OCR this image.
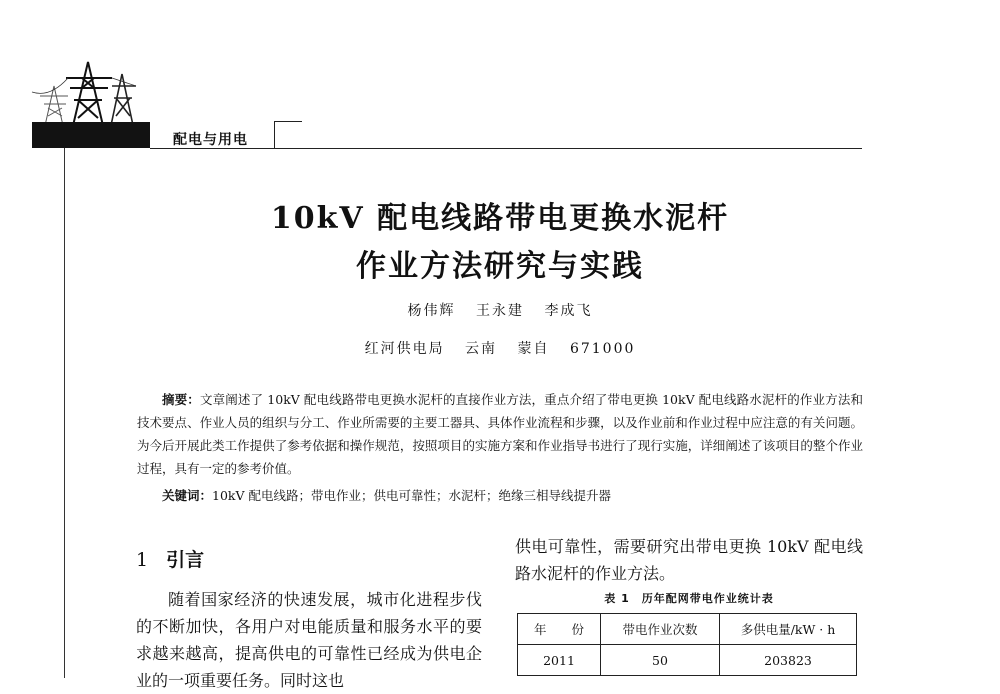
配电与用电
10kV 配电线路带电更换水泥杆
作业方法研究与实践
杨伟辉 王永建 李成飞
红河供电局 云南 蒙自 671000
摘要：文章阐述了 10kV 配电线路带电更换水泥杆的直接作业方法，重点介绍了带电更换 10kV 配电线路水泥杆的作业方法和技术要点、作业人员的组织与分工、作业所需要的主要工器具、具体作业流程和步骤，以及作业前和作业过程中应注意的有关问题。为今后开展此类工作提供了参考依据和操作规范，按照项目的实施方案和作业指导书进行了现行实施，详细阐述了该项目的整个作业过程，具有一定的参考价值。
关键词：10kV 配电线路；带电作业；供电可靠性；水泥杆；绝缘三相导线提升器
1 引言

随着国家经济的快速发展，城市化进程步伐的不断加快，各用户对电能质量和服务水平的要求越来越高，提高供电的可靠性已经成为供电企业的一项重要任务。同时这也

供电可靠性，需要研究出带电更换 10kV 配电线路水泥杆的作业方法。

表 1　历年配网带电作业统计表
年　　份	带电作业次数	多供电量/kW · h
2011	50	203823
